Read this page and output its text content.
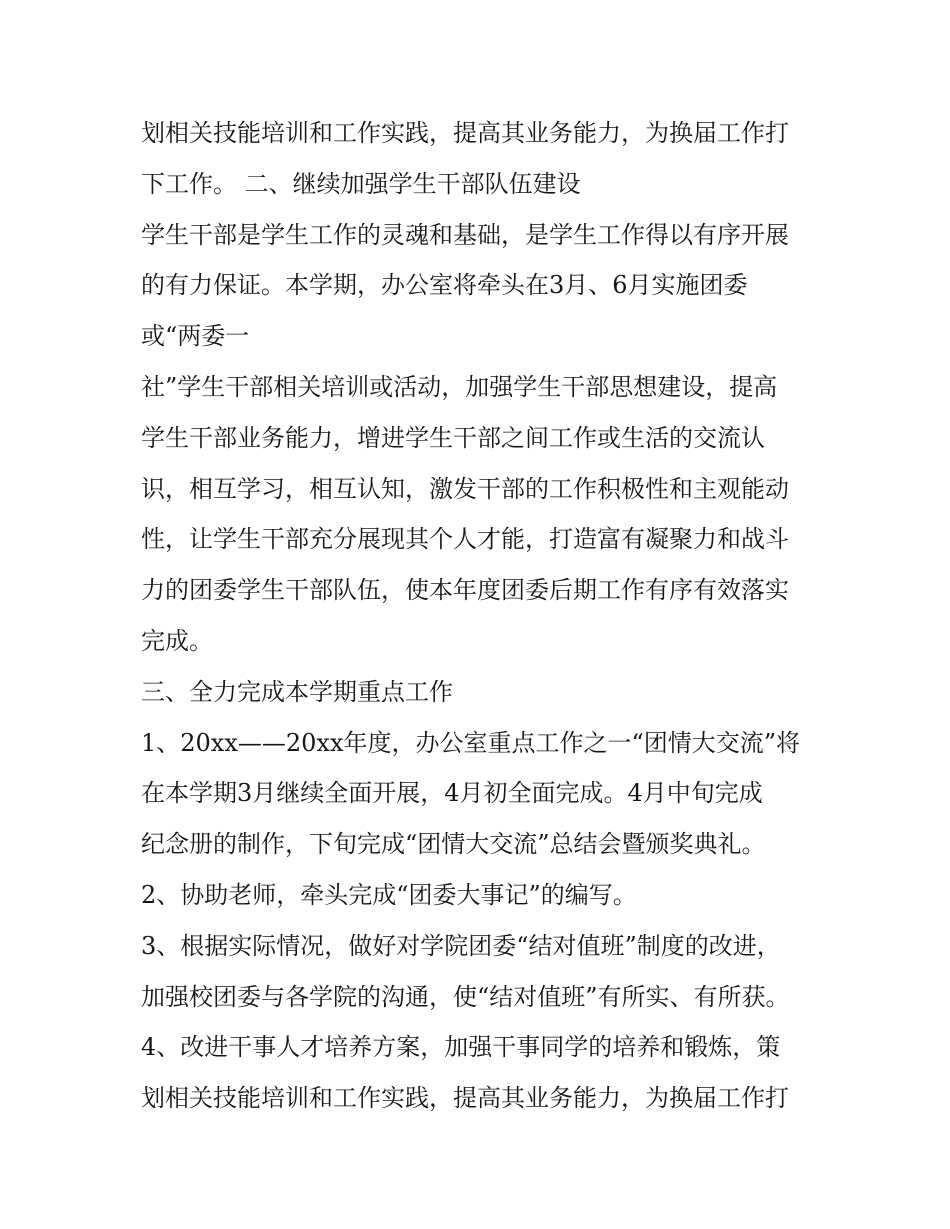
划相关技能培训和工作实践，提高其业务能力，为换届工作打
下工作。 二、继续加强学生干部队伍建设
学生干部是学生工作的灵魂和基础，是学生工作得以有序开展
的有力保证。本学期，办公室将牵头在3月、6月实施团委
或“两委一
社”学生干部相关培训或活动，加强学生干部思想建设，提高
学生干部业务能力，增进学生干部之间工作或生活的交流认
识，相互学习，相互认知，激发干部的工作积极性和主观能动
性，让学生干部充分展现其个人才能，打造富有凝聚力和战斗
力的团委学生干部队伍，使本年度团委后期工作有序有效落实
完成。
三、全力完成本学期重点工作
1、20xx——20xx年度，办公室重点工作之一“团情大交流”将
在本学期3月继续全面开展，4月初全面完成。4月中旬完成
纪念册的制作，下旬完成“团情大交流”总结会暨颁奖典礼。
2、协助老师，牵头完成“团委大事记”的编写。
3、根据实际情况，做好对学院团委“结对值班”制度的改进，
加强校团委与各学院的沟通，使“结对值班”有所实、有所获。
4、改进干事人才培养方案，加强干事同学的培养和锻炼，策
划相关技能培训和工作实践，提高其业务能力，为换届工作打
